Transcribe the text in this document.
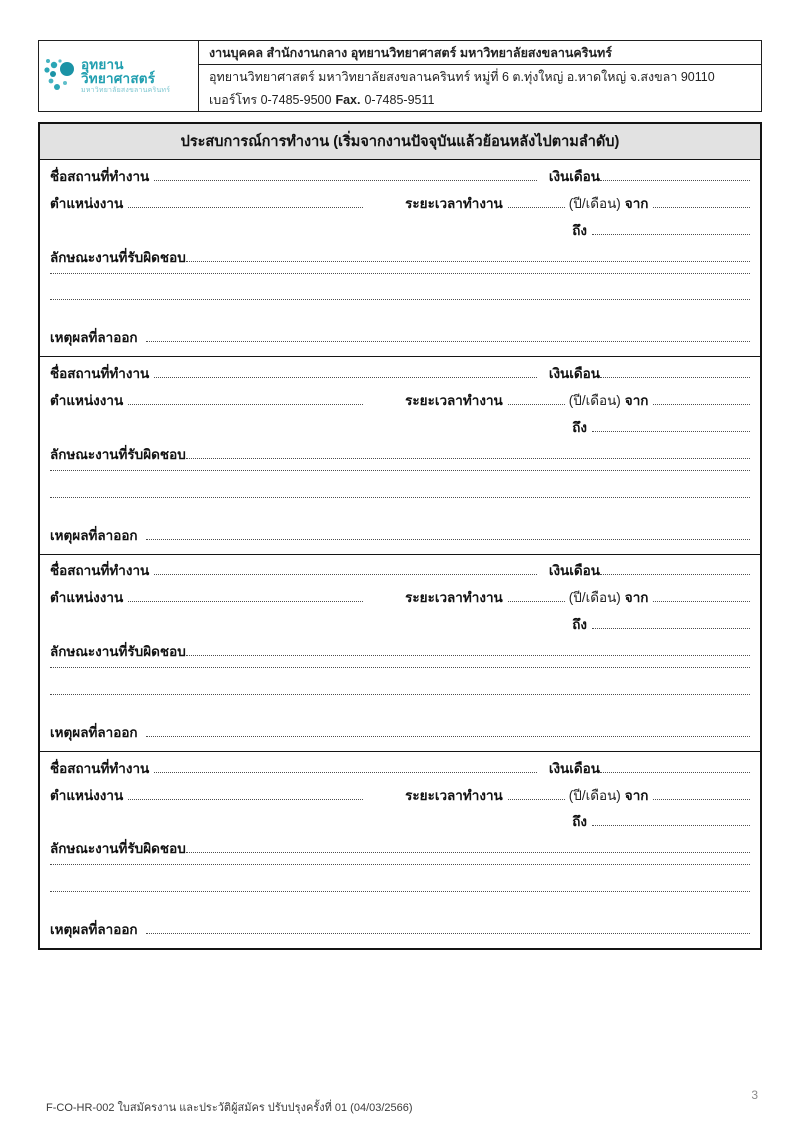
อุทยานวิทยาศาสตร์
มหาวิทยาลัยสงขลานครินทร์
งานบุคคล สำนักงานกลาง อุทยานวิทยาศาสตร์ มหาวิทยาลัยสงขลานครินทร์
อุทยานวิทยาศาสตร์ มหาวิทยาลัยสงขลานครินทร์ หมู่ที่ 6 ต.ทุ่งใหญ่ อ.หาดใหญ่ จ.สงขลา 90110
เบอร์โทร 0-7485-9500 Fax. 0-7485-9511
ประสบการณ์การทำงาน (เริ่มจากงานปัจจุบันแล้วย้อนหลังไปตามลำดับ)
ชื่อสถานที่ทำงาน	เงินเดือน
ตำแหน่งงาน	ระยะเวลาทำงาน	(ปี/เดือน) จาก
ถึง
ลักษณะงานที่รับผิดชอบ
เหตุผลที่ลาออก
ชื่อสถานที่ทำงาน	เงินเดือน
ตำแหน่งงาน	ระยะเวลาทำงาน	(ปี/เดือน) จาก
ถึง
ลักษณะงานที่รับผิดชอบ
เหตุผลที่ลาออก
ชื่อสถานที่ทำงาน	เงินเดือน
ตำแหน่งงาน	ระยะเวลาทำงาน	(ปี/เดือน) จาก
ถึง
ลักษณะงานที่รับผิดชอบ
เหตุผลที่ลาออก
ชื่อสถานที่ทำงาน	เงินเดือน
ตำแหน่งงาน	ระยะเวลาทำงาน	(ปี/เดือน) จาก
ถึง
ลักษณะงานที่รับผิดชอบ
เหตุผลที่ลาออก
F-CO-HR-002 ใบสมัครงาน และประวัติผู้สมัคร ปรับปรุงครั้งที่ 01 (04/03/2566)
3
